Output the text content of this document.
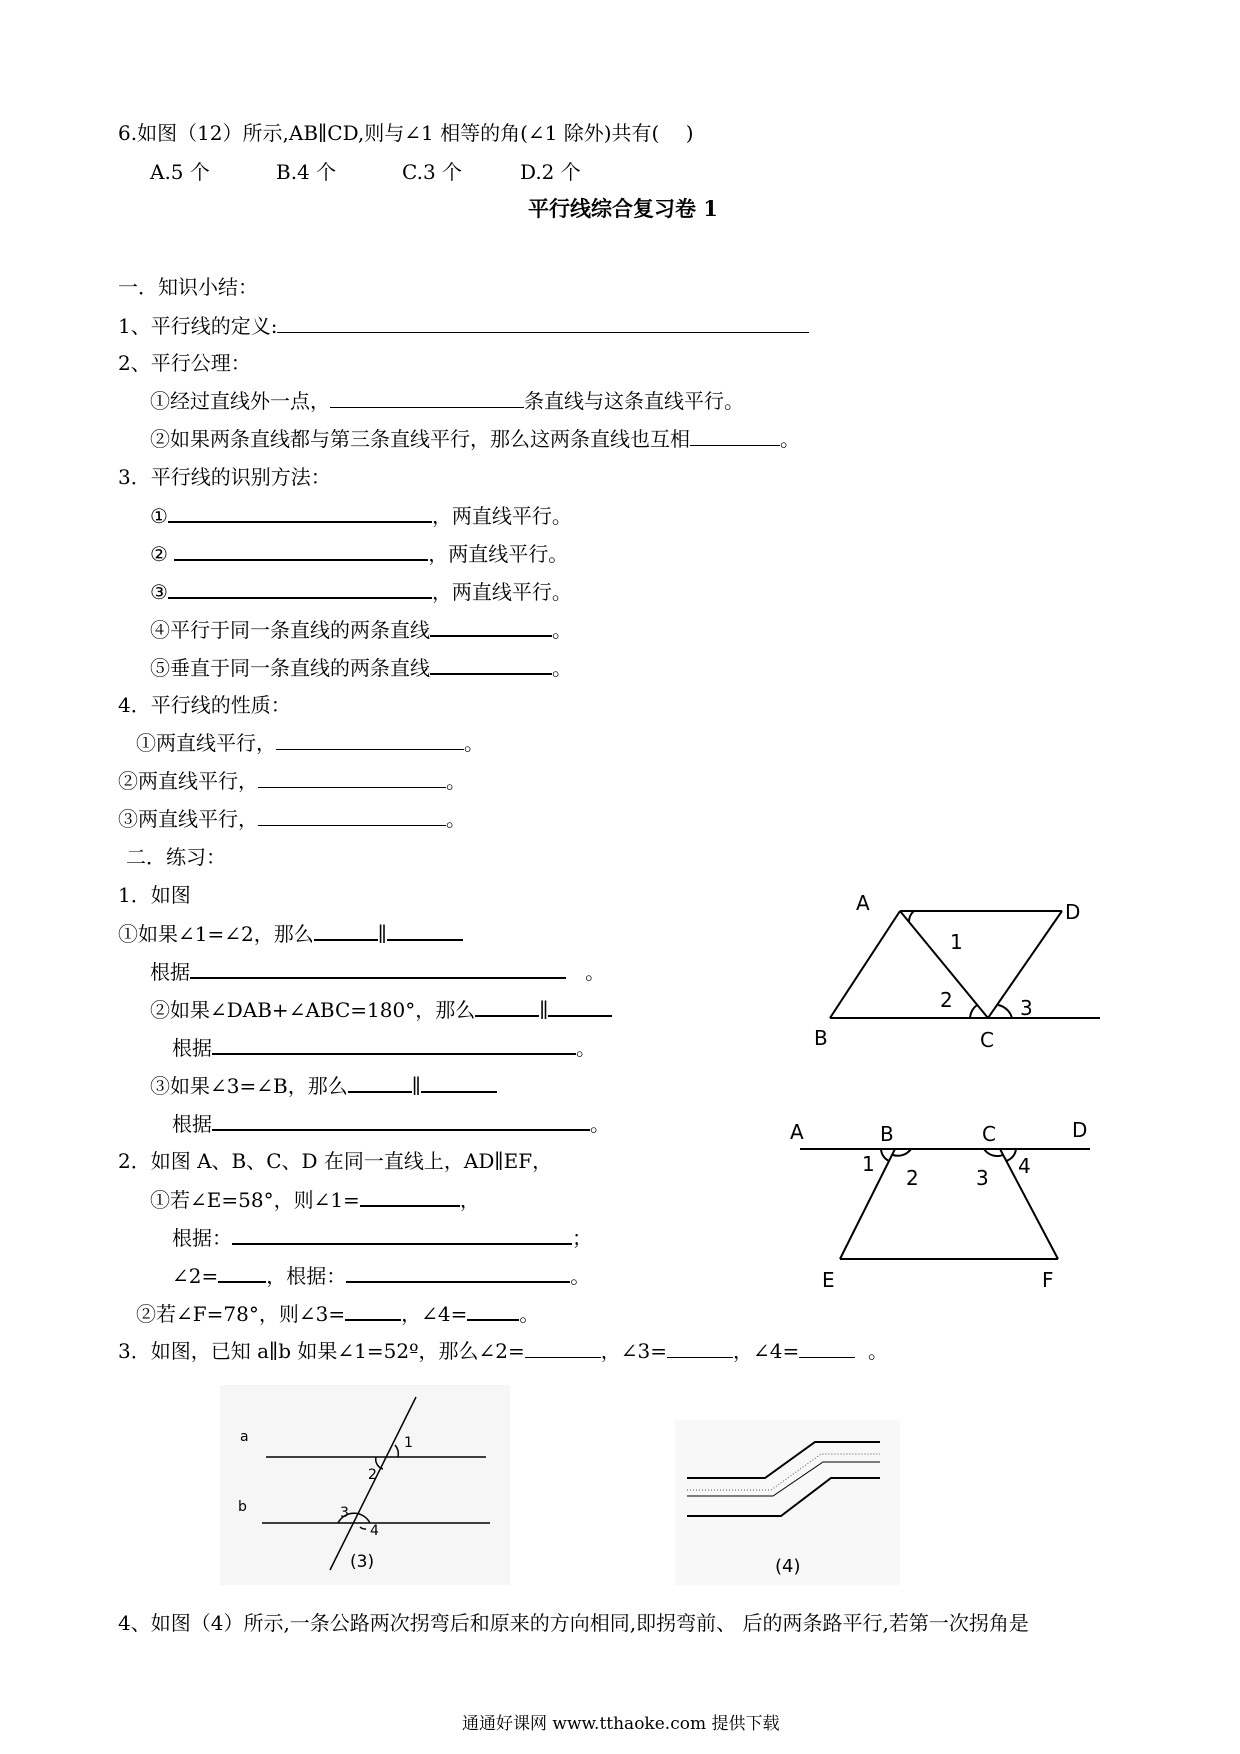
6.如图（12）所示,AB∥CD,则与∠1 相等的角(∠1 除外)共有(　 )
A.5 个	B.4 个	C.3 个	D.2 个
平行线综合复习卷 1
一．知识小结：
1、平行线的定义:
2、平行公理：
①经过直线外一点，	条直线与这条直线平行。
②如果两条直线都与第三条直线平行，那么这两条直线也互相	。
3．平行线的识别方法：
①	，两直线平行。
②	，两直线平行。
③	，两直线平行。
④平行于同一条直线的两条直线	。
⑤垂直于同一条直线的两条直线	。
4．平行线的性质：
①两直线平行，	。
②两直线平行，	。
③两直线平行，	。
二．练习：
1．如图
①如果∠1=∠2，那么	∥
根据	。
②如果∠DAB+∠ABC=180°，那么	∥
根据	。
③如果∠3=∠B，那么	∥
根据	。
2．如图 A、B、C、D 在同一直线上，AD∥EF，
①若∠E=58°，则∠1=	，
根据：	；
∠2= ，根据：	。
②若∠F=78°，则∠3=	，∠4=	。
3．如图，已知 a∥b 如果∠1=52º，那么∠2=	，∠3=	，∠4=	。
4、如图（4）所示,一条公路两次拐弯后和原来的方向相同,即拐弯前、 后的两条路平行,若第一次拐角是
A	D
B	C
1
2	3
A	B	C	D
E	F
1
2	3 4
a
b
1
2
3
4
(3)	(4)
通通好课网 www.tthaoke.com 提供下载
